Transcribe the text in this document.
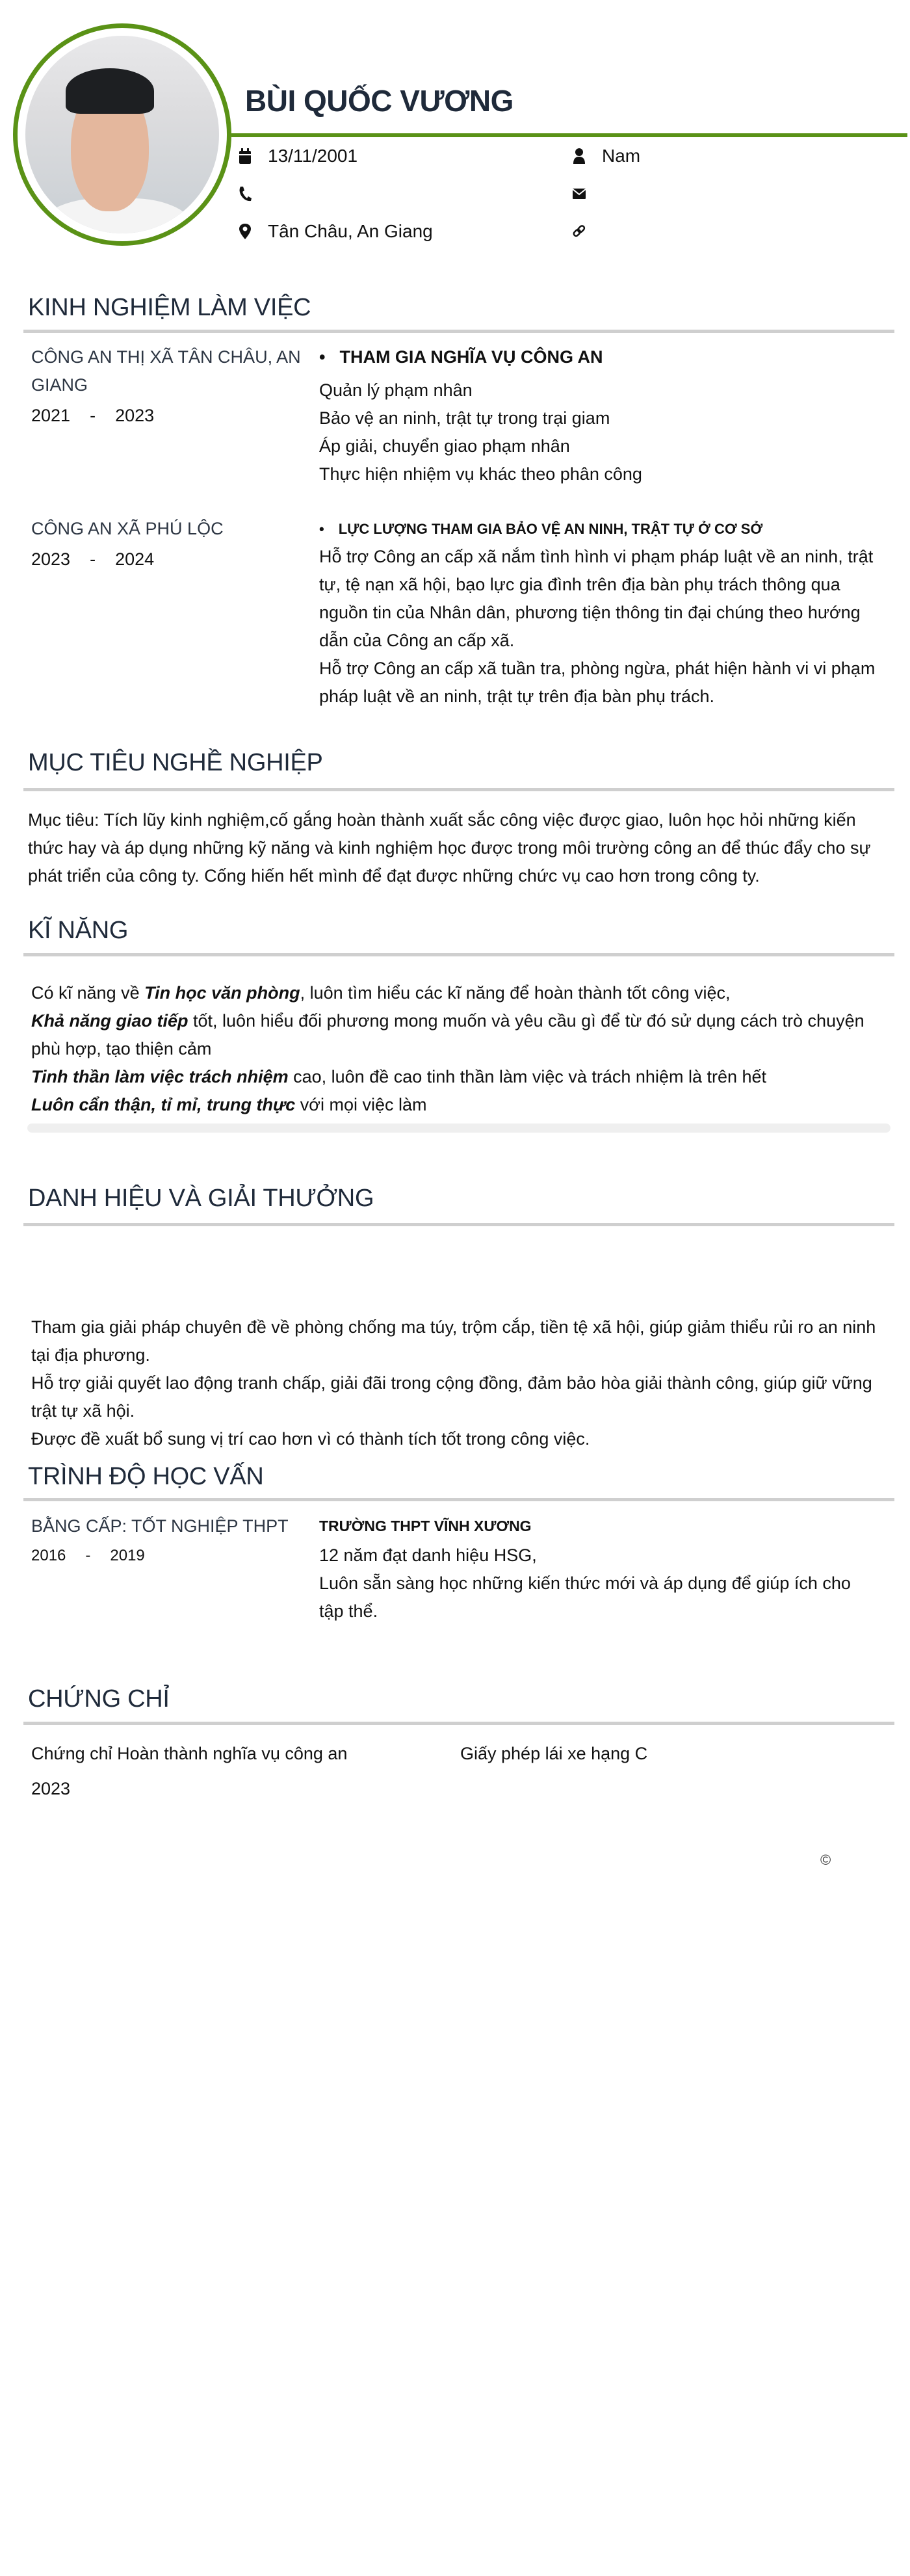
BÙI QUỐC VƯƠNG
13/11/2001
Tân Châu, An Giang
Nam
KINH NGHIỆM LÀM VIỆC
CÔNG AN THỊ XÃ TÂN CHÂU, AN GIANG
2021 - 2023
• THAM GIA NGHĨA VỤ CÔNG AN
Quản lý phạm nhân
Bảo vệ an ninh, trật tự trong trại giam
Áp giải, chuyển giao phạm nhân
Thực hiện nhiệm vụ khác theo phân công
CÔNG AN XÃ PHÚ LỘC
2023 - 2024
• LỰC LƯỢNG THAM GIA BẢO VỆ AN NINH, TRẬT TỰ Ở CƠ SỞ
Hỗ trợ Công an cấp xã nắm tình hình vi phạm pháp luật về an ninh, trật tự, tệ nạn xã hội, bạo lực gia đình trên địa bàn phụ trách thông qua nguồn tin của Nhân dân, phương tiện thông tin đại chúng theo hướng dẫn của Công an cấp xã.
Hỗ trợ Công an cấp xã tuần tra, phòng ngừa, phát hiện hành vi vi phạm pháp luật về an ninh, trật tự trên địa bàn phụ trách.
MỤC TIÊU NGHỀ NGHIỆP
Mục tiêu: Tích lũy kinh nghiệm,cố gắng hoàn thành xuất sắc công việc được giao, luôn học hỏi những kiến thức hay và áp dụng những kỹ năng và kinh nghiệm học được trong môi trường công an để thúc đẩy cho sự phát triển của công ty. Cống hiến hết mình để đạt được những chức vụ cao hơn trong công ty.
KĨ NĂNG
Có kĩ năng về Tin học văn phòng, luôn tìm hiểu các kĩ năng để hoàn thành tốt công việc,
Khả năng giao tiếp tốt, luôn hiểu đối phương mong muốn và yêu cầu gì để từ đó sử dụng cách trò chuyện phù hợp, tạo thiện cảm
Tinh thần làm việc trách nhiệm cao, luôn đề cao tinh thần làm việc và trách nhiệm là trên hết
Luôn cẩn thận, tỉ mỉ, trung thực với mọi việc làm
DANH HIỆU VÀ GIẢI THƯỞNG
Tham gia giải pháp chuyên đề về phòng chống ma túy, trộm cắp, tiền tệ xã hội, giúp giảm thiểu rủi ro an ninh tại địa phương.
Hỗ trợ giải quyết lao động tranh chấp, giải đãi trong cộng đồng, đảm bảo hòa giải thành công, giúp giữ vững trật tự xã hội.
Được đề xuất bổ sung vị trí cao hơn vì có thành tích tốt trong công việc.
TRÌNH ĐỘ HỌC VẤN
BẰNG CẤP: TỐT NGHIỆP THPT
2016 - 2019
TRƯỜNG THPT VĨNH XƯƠNG
12 năm đạt danh hiệu HSG,
Luôn sẵn sàng học những kiến thức mới và áp dụng để giúp ích cho tập thể.
CHỨNG CHỈ
Chứng chỉ Hoàn thành nghĩa vụ công an
2023
Giấy phép lái xe hạng C
©
